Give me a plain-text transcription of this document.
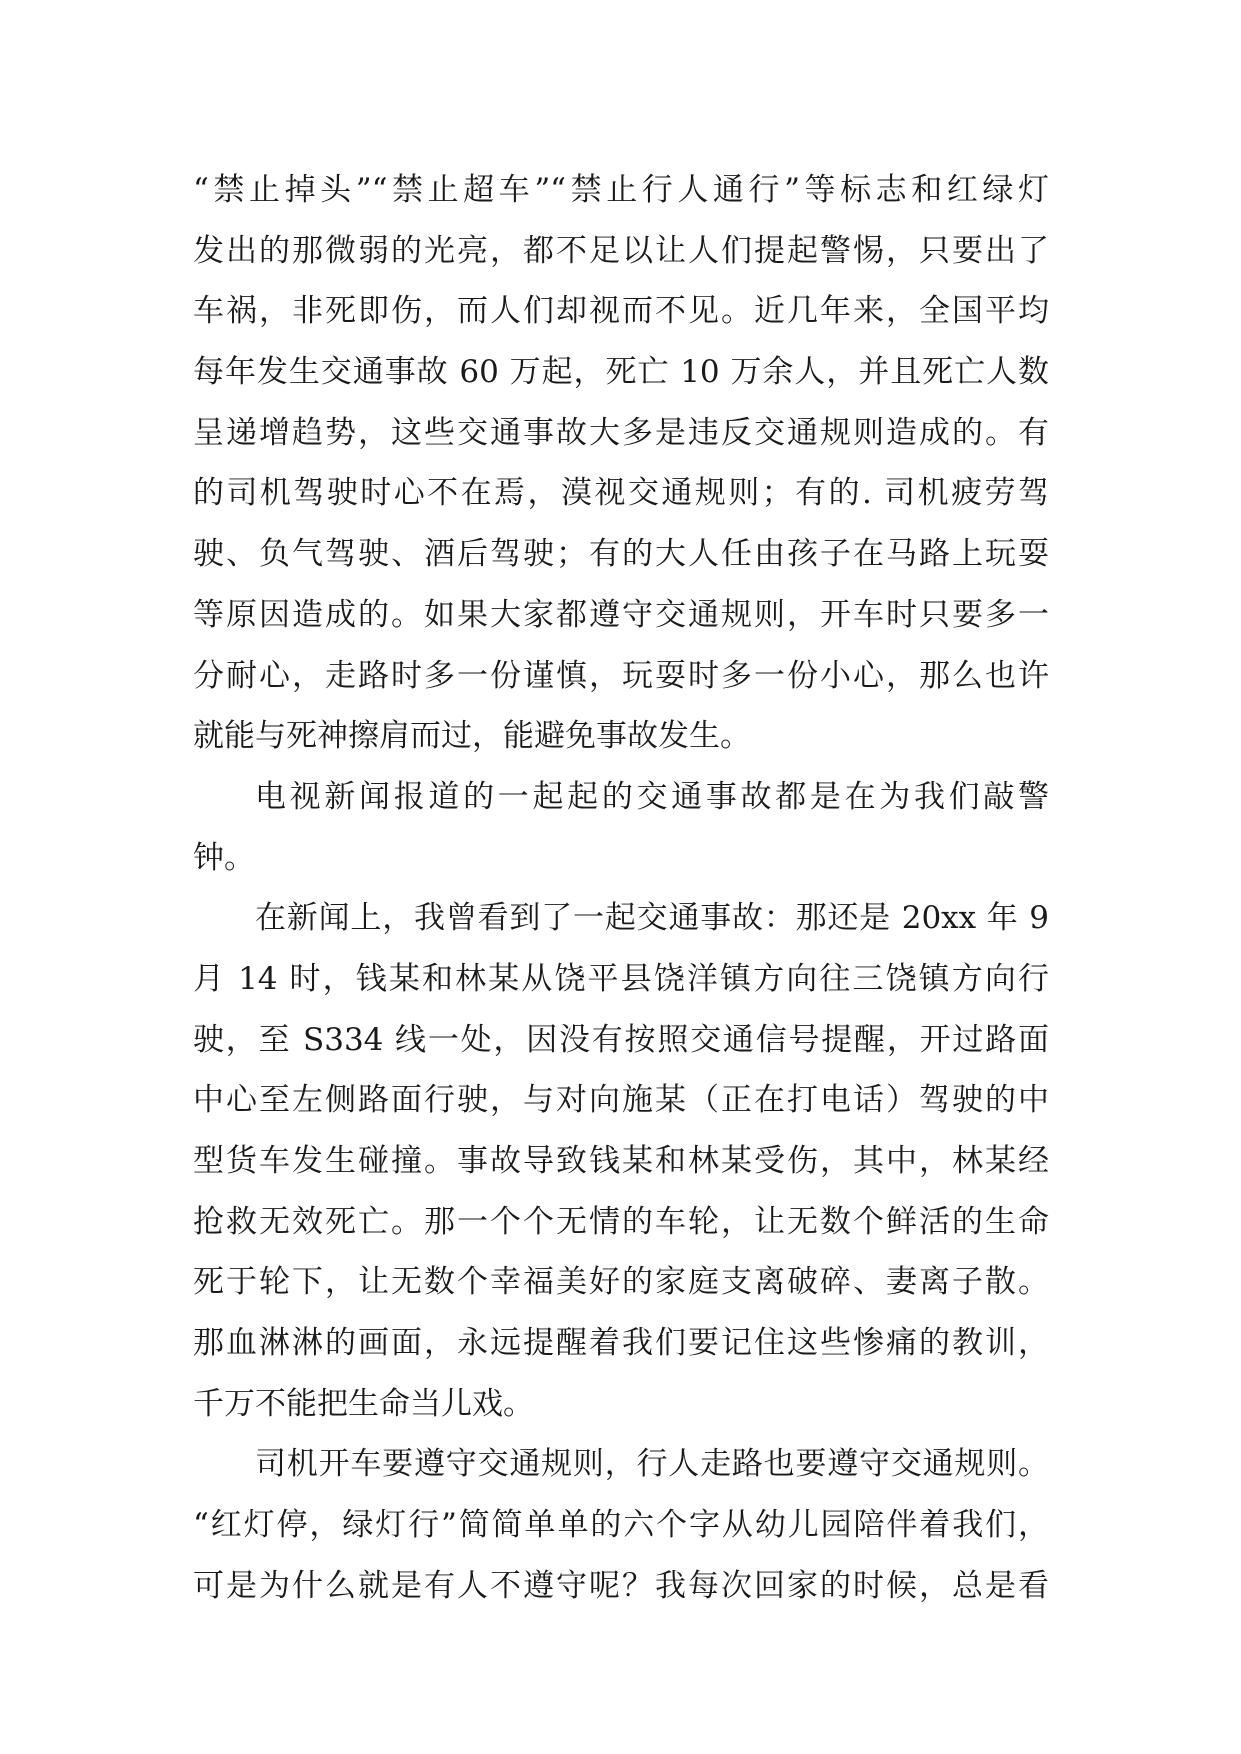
“禁止掉头”“禁止超车”“禁止行人通行”等标志和红绿灯
发出的那微弱的光亮，都不足以让人们提起警惕，只要出了
车祸，非死即伤，而人们却视而不见。近几年来，全国平均
每年发生交通事故 60 万起，死亡 10 万余人，并且死亡人数
呈递增趋势，这些交通事故大多是违反交通规则造成的。有
的司机驾驶时心不在焉，漠视交通规则；有的. 司机疲劳驾
驶、负气驾驶、酒后驾驶；有的大人任由孩子在马路上玩耍
等原因造成的。如果大家都遵守交通规则，开车时只要多一
分耐心，走路时多一份谨慎，玩耍时多一份小心，那么也许
就能与死神擦肩而过，能避免事故发生。
电视新闻报道的一起起的交通事故都是在为我们敲警
钟。
在新闻上，我曾看到了一起交通事故：那还是 20xx 年 9
月 14 时，钱某和林某从饶平县饶洋镇方向往三饶镇方向行
驶，至 S334 线一处，因没有按照交通信号提醒，开过路面
中心至左侧路面行驶，与对向施某（正在打电话）驾驶的中
型货车发生碰撞。事故导致钱某和林某受伤，其中，林某经
抢救无效死亡。那一个个无情的车轮，让无数个鲜活的生命
死于轮下，让无数个幸福美好的家庭支离破碎、妻离子散。
那血淋淋的画面，永远提醒着我们要记住这些惨痛的教训，
千万不能把生命当儿戏。
司机开车要遵守交通规则，行人走路也要遵守交通规则。
“红灯停，绿灯行”简简单单的六个字从幼儿园陪伴着我们，
可是为什么就是有人不遵守呢？我每次回家的时候，总是看
